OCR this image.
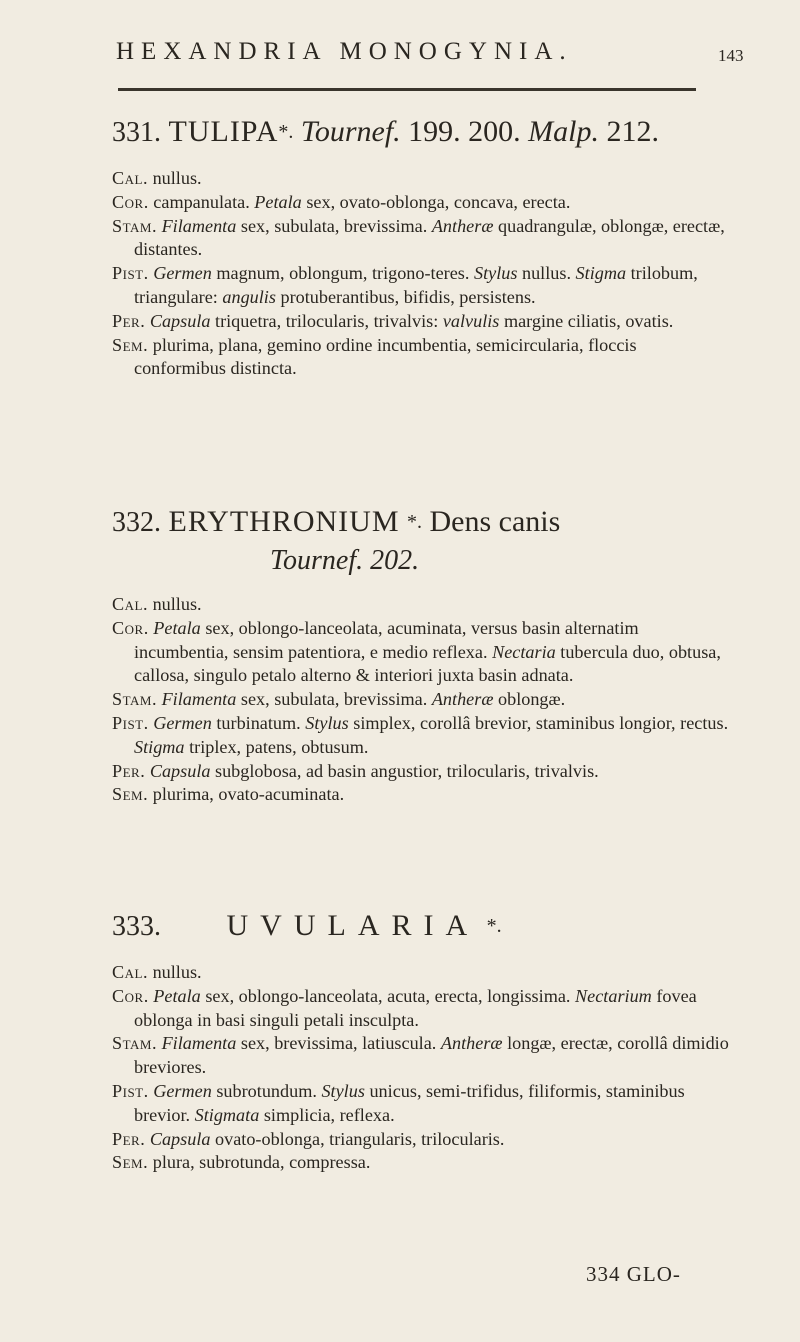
HEXANDRIA MONOGYNIA.	143
331. TULIPA*. Tournef. 199. 200. Malp. 212.

Cal. nullus.

Cor. campanulata. Petala sex, ovato-oblonga, concava, erecta.

Stam. Filamenta sex, subulata, brevissima. Antheræ quadrangulæ, oblongæ, erectæ, distantes.

Pist. Germen magnum, oblongum, trigono-teres. Stylus nullus. Stigma trilobum, triangulare: angulis protuberantibus, bifidis, persistens.

Per. Capsula triquetra, trilocularis, trivalvis: valvulis margine ciliatis, ovatis.

Sem. plurima, plana, gemino ordine incumbentia, semicircularia, floccis conformibus distincta.

332. ERYTHRONIUM *. Dens canis
Tournef. 202.

Cal. nullus.

Cor. Petala sex, oblongo-lanceolata, acuminata, versus basin alternatim incumbentia, sensim patentiora, e medio reflexa. Nectaria tubercula duo, obtusa, callosa, singulo petalo alterno & interiori juxta basin adnata.

Stam. Filamenta sex, subulata, brevissima. Antheræ oblongæ.

Pist. Germen turbinatum. Stylus simplex, corollâ brevior, staminibus longior, rectus. Stigma triplex, patens, obtusum.

Per. Capsula subglobosa, ad basin angustior, trilocularis, trivalvis.

Sem. plurima, ovato-acuminata.

333. UVULARIA *.

Cal. nullus.

Cor. Petala sex, oblongo-lanceolata, acuta, erecta, longissima. Nectarium fovea oblonga in basi singuli petali insculpta.

Stam. Filamenta sex, brevissima, latiuscula. Antheræ longæ, erectæ, corollâ dimidio breviores.

Pist. Germen subrotundum. Stylus unicus, semi-trifidus, filiformis, staminibus brevior. Stigmata simplicia, reflexa.

Per. Capsula ovato-oblonga, triangularis, trilocularis.

Sem. plura, subrotunda, compressa.

334 GLO-
